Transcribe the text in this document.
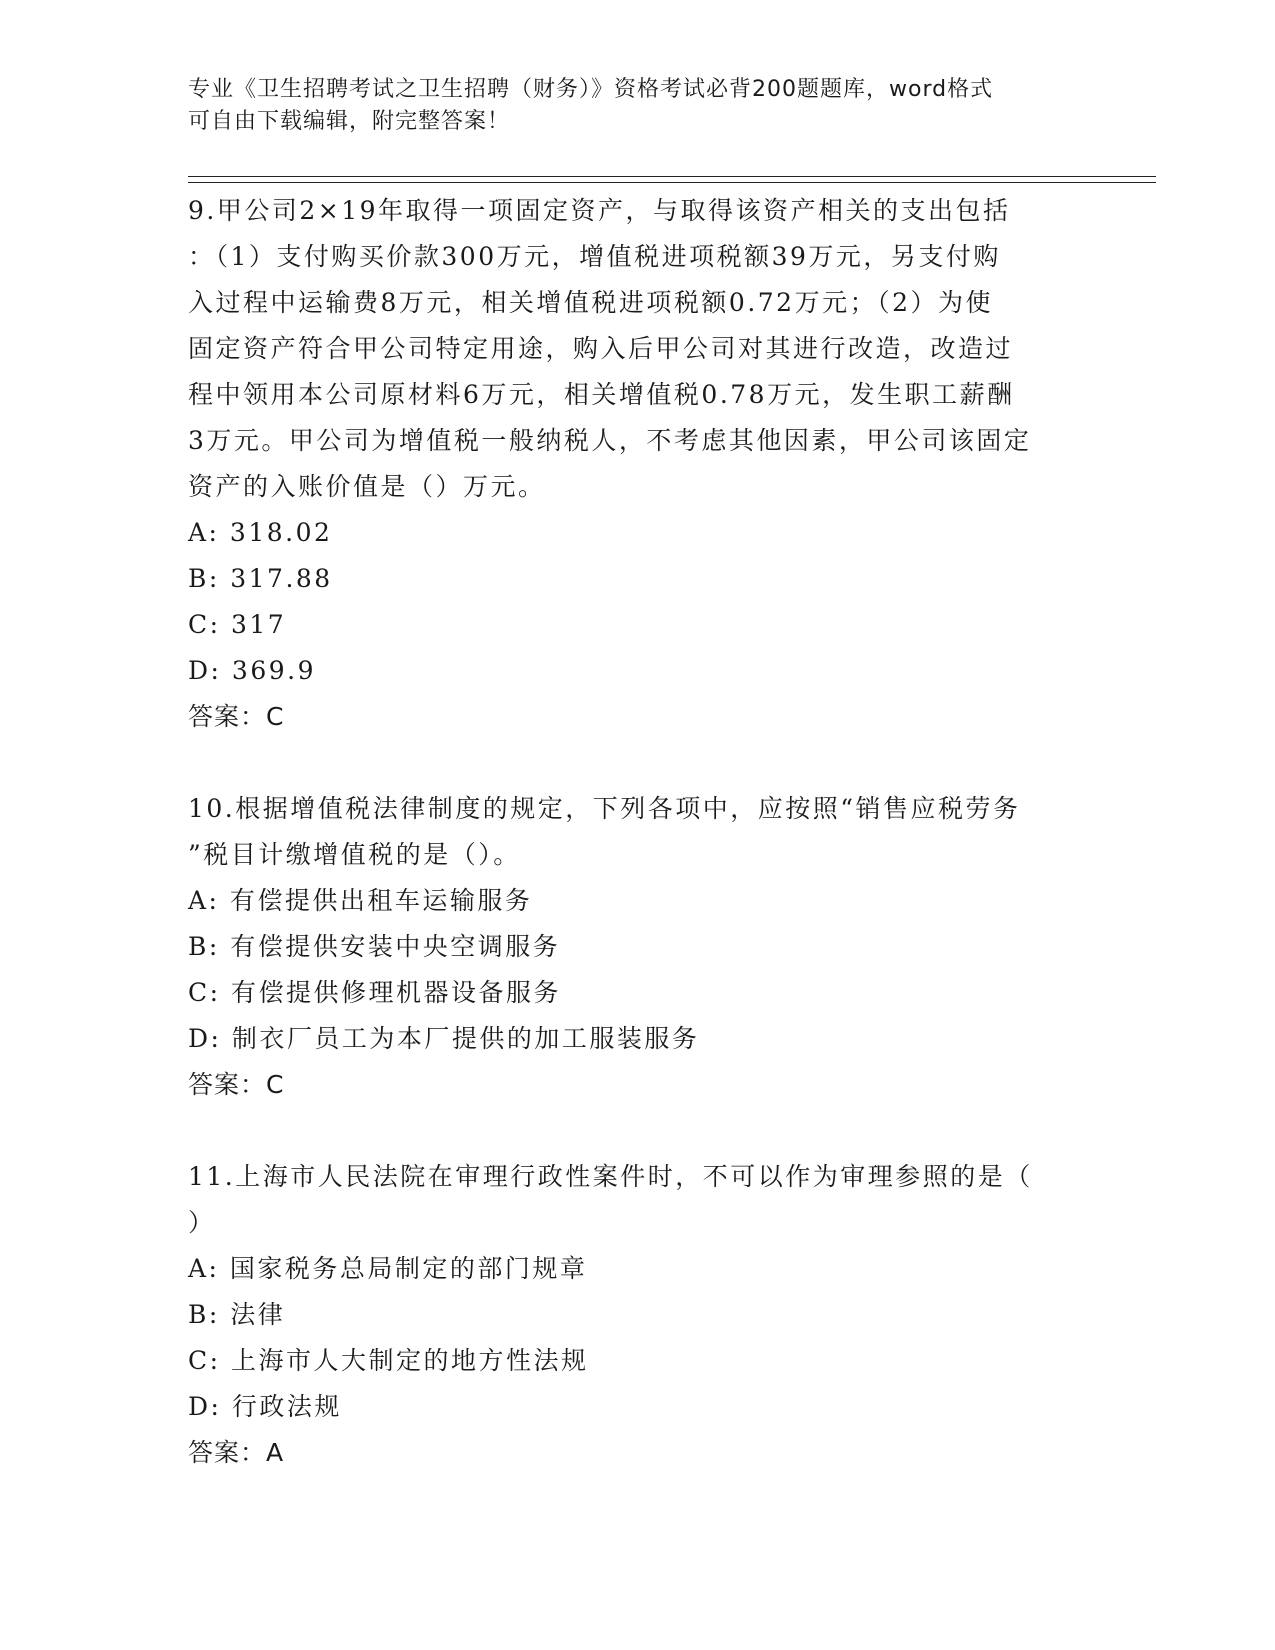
专业《卫生招聘考试之卫生招聘（财务）》资格考试必背200题题库，word格式
可自由下载编辑，附完整答案！
9.甲公司2×19年取得一项固定资产，与取得该资产相关的支出包括
：（1）支付购买价款300万元，增值税进项税额39万元，另支付购
入过程中运输费8万元，相关增值税进项税额0.72万元；（2）为使
固定资产符合甲公司特定用途，购入后甲公司对其进行改造，改造过
程中领用本公司原材料6万元，相关增值税0.78万元，发生职工薪酬
3万元。甲公司为增值税一般纳税人，不考虑其他因素，甲公司该固定
资产的入账价值是（）万元。
A: 318.02
B: 317.88
C: 317
D: 369.9
答案：C
10.根据增值税法律制度的规定，下列各项中，应按照“销售应税劳务
”税目计缴增值税的是（）。
A: 有偿提供出租车运输服务
B: 有偿提供安装中央空调服务
C: 有偿提供修理机器设备服务
D: 制衣厂员工为本厂提供的加工服装服务
答案：C
11.上海市人民法院在审理行政性案件时，不可以作为审理参照的是（
）
A: 国家税务总局制定的部门规章
B: 法律
C: 上海市人大制定的地方性法规
D: 行政法规
答案：A
